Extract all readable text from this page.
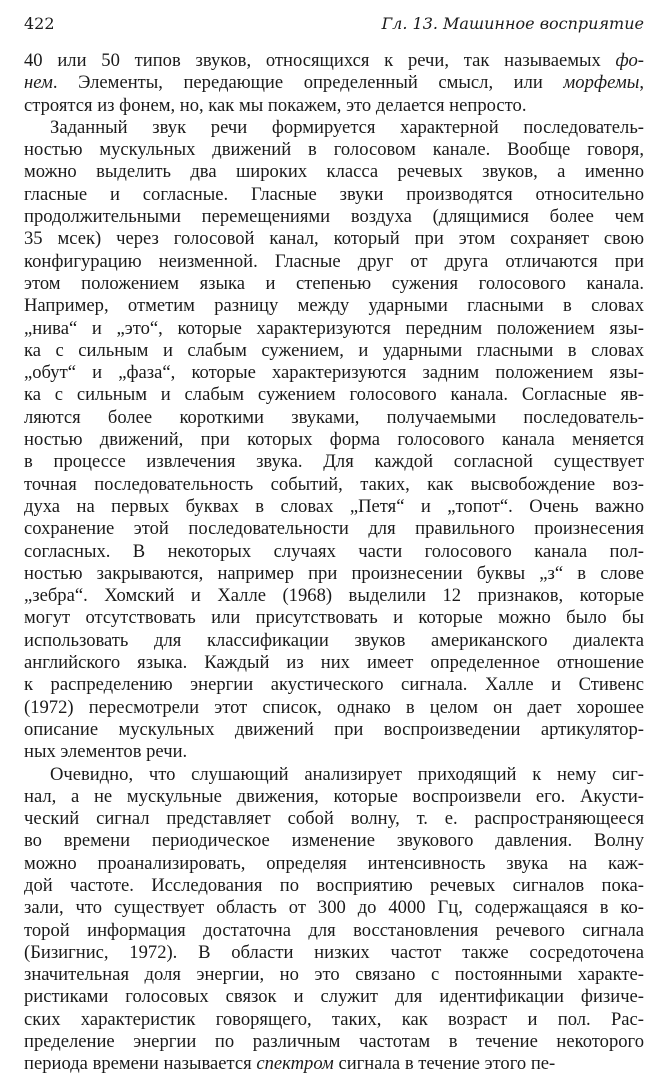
422	Гл. 13. Машинное восприятие
40 или 50 типов звуков, относящихся к речи, так называемых фо-
нем. Элементы, передающие определенный смысл, или морфемы,
строятся из фонем, но, как мы покажем, это делается непросто.
Заданный звук речи формируется характерной последователь-
ностью мускульных движений в голосовом канале. Вообще говоря,
можно выделить два широких класса речевых звуков, а именно
гласные и согласные. Гласные звуки производятся относительно
продолжительными перемещениями воздуха (длящимися более чем
35 мсек) через голосовой канал, который при этом сохраняет свою
конфигурацию неизменной. Гласные друг от друга отличаются при
этом положением языка и степенью сужения голосового канала.
Например, отметим разницу между ударными гласными в словах
„нива“ и „это“, которые характеризуются передним положением язы-
ка с сильным и слабым сужением, и ударными гласными в словах
„обут“ и „фаза“, которые характеризуются задним положением язы-
ка с сильным и слабым сужением голосового канала. Согласные яв-
ляются более короткими звуками, получаемыми последователь-
ностью движений, при которых форма голосового канала меняется
в процессе извлечения звука. Для каждой согласной существует
точная последовательность событий, таких, как высвобождение воз-
духа на первых буквах в словах „Петя“ и „топот“. Очень важно
сохранение этой последовательности для правильного произнесения
согласных. В некоторых случаях части голосового канала пол-
ностью закрываются, например при произнесении буквы „з“ в слове
„зебра“. Хомский и Халле (1968) выделили 12 признаков, которые
могут отсутствовать или присутствовать и которые можно было бы
использовать для классификации звуков американского диалекта
английского языка. Каждый из них имеет определенное отношение
к распределению энергии акустического сигнала. Халле и Стивенс
(1972) пересмотрели этот список, однако в целом он дает хорошее
описание мускульных движений при воспроизведении артикулятор-
ных элементов речи.
Очевидно, что слушающий анализирует приходящий к нему сиг-
нал, а не мускульные движения, которые воспроизвели его. Акусти-
ческий сигнал представляет собой волну, т. е. распространяющееся
во времени периодическое изменение звукового давления. Волну
можно проанализировать, определяя интенсивность звука на каж-
дой частоте. Исследования по восприятию речевых сигналов пока-
зали, что существует область от 300 до 4000 Гц, содержащаяся в ко-
торой информация достаточна для восстановления речевого сигнала
(Бизигнис, 1972). В области низких частот также сосредоточена
значительная доля энергии, но это связано с постоянными характе-
ристиками голосовых связок и служит для идентификации физиче-
ских характеристик говорящего, таких, как возраст и пол. Рас-
пределение энергии по различным частотам в течение некоторого
периода времени называется спектром сигнала в течение этого пе-
